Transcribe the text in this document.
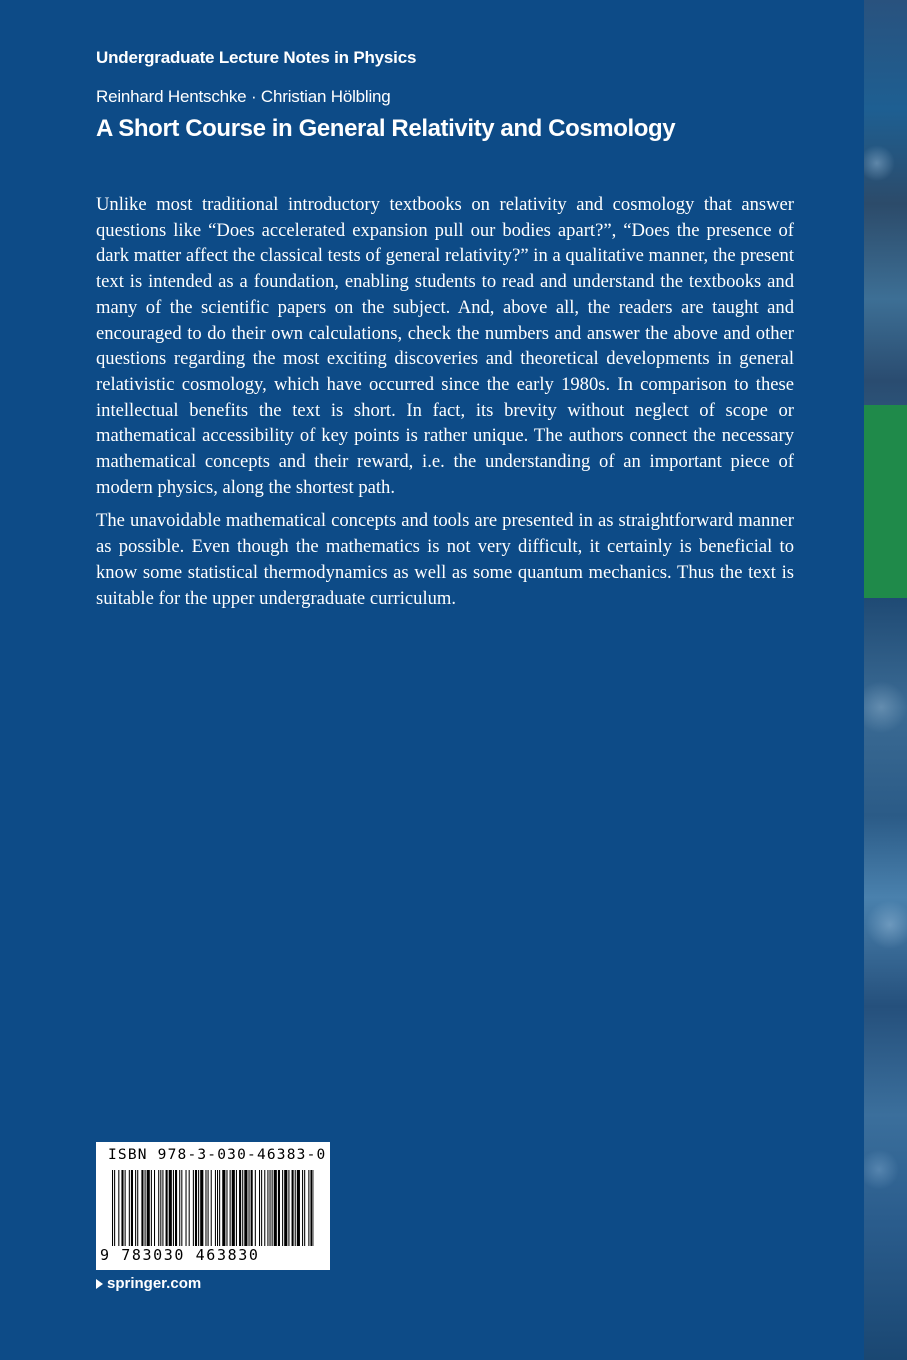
Undergraduate Lecture Notes in Physics
Reinhard Hentschke · Christian Hölbling
A Short Course in General Relativity and Cosmology

Unlike most traditional introductory textbooks on relativity and cosmology that answer questions like “Does accelerated expansion pull our bodies apart?”, “Does the presence of dark matter affect the classical tests of general relativity?” in a qualitative manner, the present text is intended as a foundation, enabling students to read and understand the textbooks and many of the scientific papers on the subject. And, above all, the readers are taught and encouraged to do their own calculations, check the numbers and answer the above and other questions regarding the most exciting discoveries and theoretical developments in general relativistic cosmology, which have occurred since the early 1980s. In comparison to these intellectual benefits the text is short. In fact, its brevity without neglect of scope or mathematical accessibility of key points is rather unique. The authors connect the necessary mathematical concepts and their reward, i.e. the understanding of an important piece of modern physics, along the shortest path.

The unavoidable mathematical concepts and tools are presented in as straightforward manner as possible. Even though the mathematics is not very difficult, it certainly is beneficial to know some statistical thermodynamics as well as some quantum mechanics. Thus the text is suitable for the upper undergraduate curriculum.

ISBN 978-3-030-46383-0
9 783030 463830
springer.com
